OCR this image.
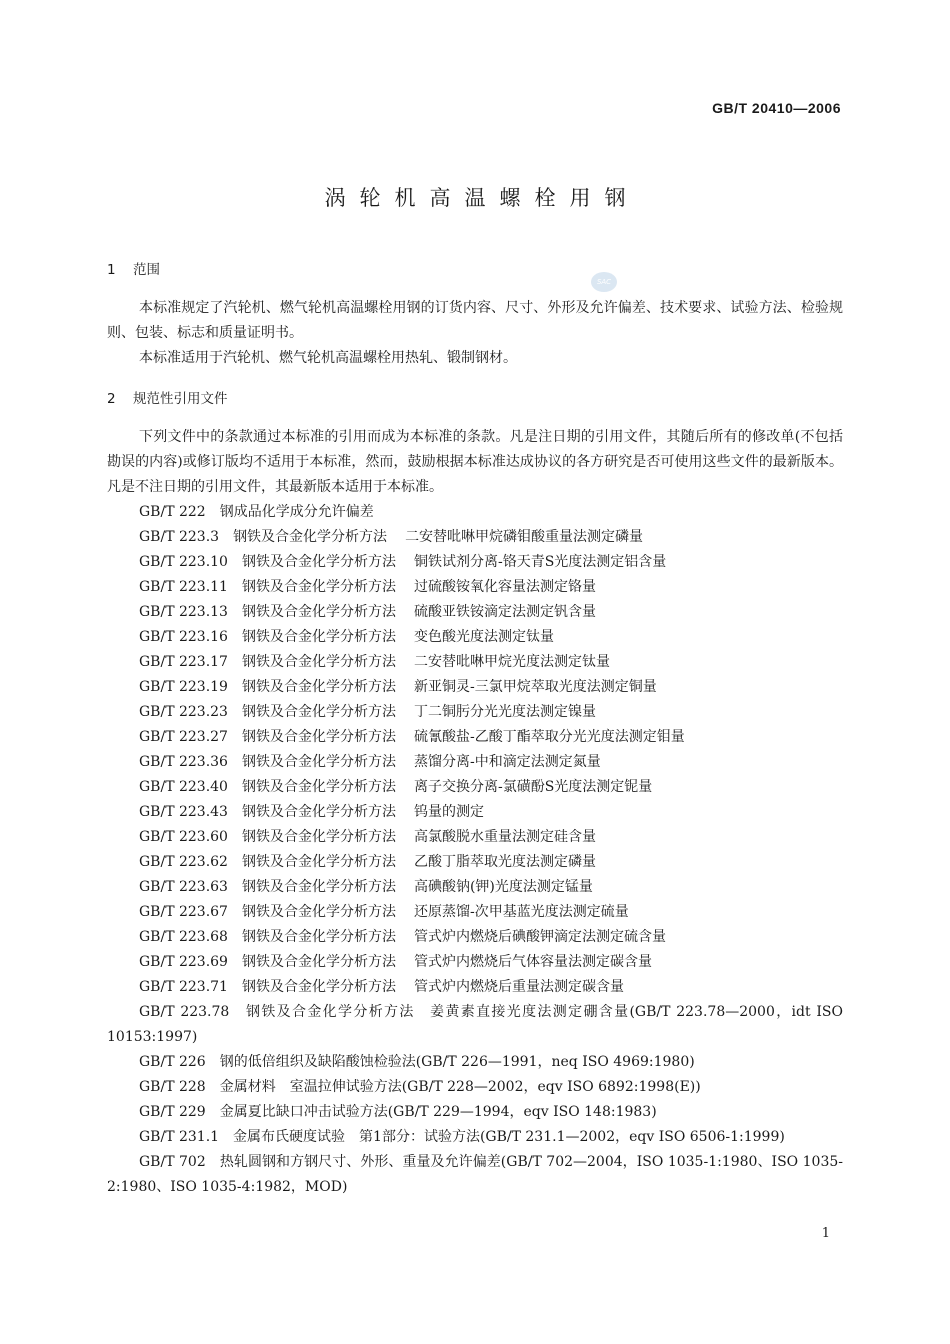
GB/T 20410—2006
SAC
涡轮机高温螺栓用钢
1 范围

本标准规定了汽轮机、燃气轮机高温螺栓用钢的订货内容、尺寸、外形及允许偏差、技术要求、试验方法、检验规则、包装、标志和质量证明书。

本标准适用于汽轮机、燃气轮机高温螺栓用热轧、锻制钢材。

2 规范性引用文件

下列文件中的条款通过本标准的引用而成为本标准的条款。凡是注日期的引用文件，其随后所有的修改单(不包括勘误的内容)或修订版均不适用于本标准，然而，鼓励根据本标准达成协议的各方研究是否可使用这些文件的最新版本。凡是不注日期的引用文件，其最新版本适用于本标准。

GB/T 222 钢成品化学成分允许偏差
GB/T 223.3 钢铁及合金化学分析方法 二安替吡啉甲烷磷钼酸重量法测定磷量
GB/T 223.10 钢铁及合金化学分析方法 铜铁试剂分离-铬天青S光度法测定铝含量
GB/T 223.11 钢铁及合金化学分析方法 过硫酸铵氧化容量法测定铬量
GB/T 223.13 钢铁及合金化学分析方法 硫酸亚铁铵滴定法测定钒含量
GB/T 223.16 钢铁及合金化学分析方法 变色酸光度法测定钛量
GB/T 223.17 钢铁及合金化学分析方法 二安替吡啉甲烷光度法测定钛量
GB/T 223.19 钢铁及合金化学分析方法 新亚铜灵-三氯甲烷萃取光度法测定铜量
GB/T 223.23 钢铁及合金化学分析方法 丁二铜肟分光光度法测定镍量
GB/T 223.27 钢铁及合金化学分析方法 硫氰酸盐-乙酸丁酯萃取分光光度法测定钼量
GB/T 223.36 钢铁及合金化学分析方法 蒸馏分离-中和滴定法测定氮量
GB/T 223.40 钢铁及合金化学分析方法 离子交换分离-氯磺酚S光度法测定铌量
GB/T 223.43 钢铁及合金化学分析方法 钨量的测定
GB/T 223.60 钢铁及合金化学分析方法 高氯酸脱水重量法测定硅含量
GB/T 223.62 钢铁及合金化学分析方法 乙酸丁脂萃取光度法测定磷量
GB/T 223.63 钢铁及合金化学分析方法 高碘酸钠(钾)光度法测定锰量
GB/T 223.67 钢铁及合金化学分析方法 还原蒸馏-次甲基蓝光度法测定硫量
GB/T 223.68 钢铁及合金化学分析方法 管式炉内燃烧后碘酸钾滴定法测定硫含量
GB/T 223.69 钢铁及合金化学分析方法 管式炉内燃烧后气体容量法测定碳含量
GB/T 223.71 钢铁及合金化学分析方法 管式炉内燃烧后重量法测定碳含量

GB/T 223.78　钢铁及合金化学分析方法　姜黄素直接光度法测定硼含量(GB/T 223.78—2000，idt ISO 10153:1997)

GB/T 226　钢的低倍组织及缺陷酸蚀检验法(GB/T 226—1991，neq ISO 4969:1980)

GB/T 228　金属材料　室温拉伸试验方法(GB/T 228—2002，eqv ISO 6892:1998(E))

GB/T 229　金属夏比缺口冲击试验方法(GB/T 229—1994，eqv ISO 148:1983)

GB/T 231.1　金属布氏硬度试验　第1部分：试验方法(GB/T 231.1—2002，eqv ISO 6506-1:1999)

GB/T 702　热轧圆钢和方钢尺寸、外形、重量及允许偏差(GB/T 702—2004，ISO 1035-1:1980、ISO 1035-2:1980、ISO 1035-4:1982，MOD)

1
